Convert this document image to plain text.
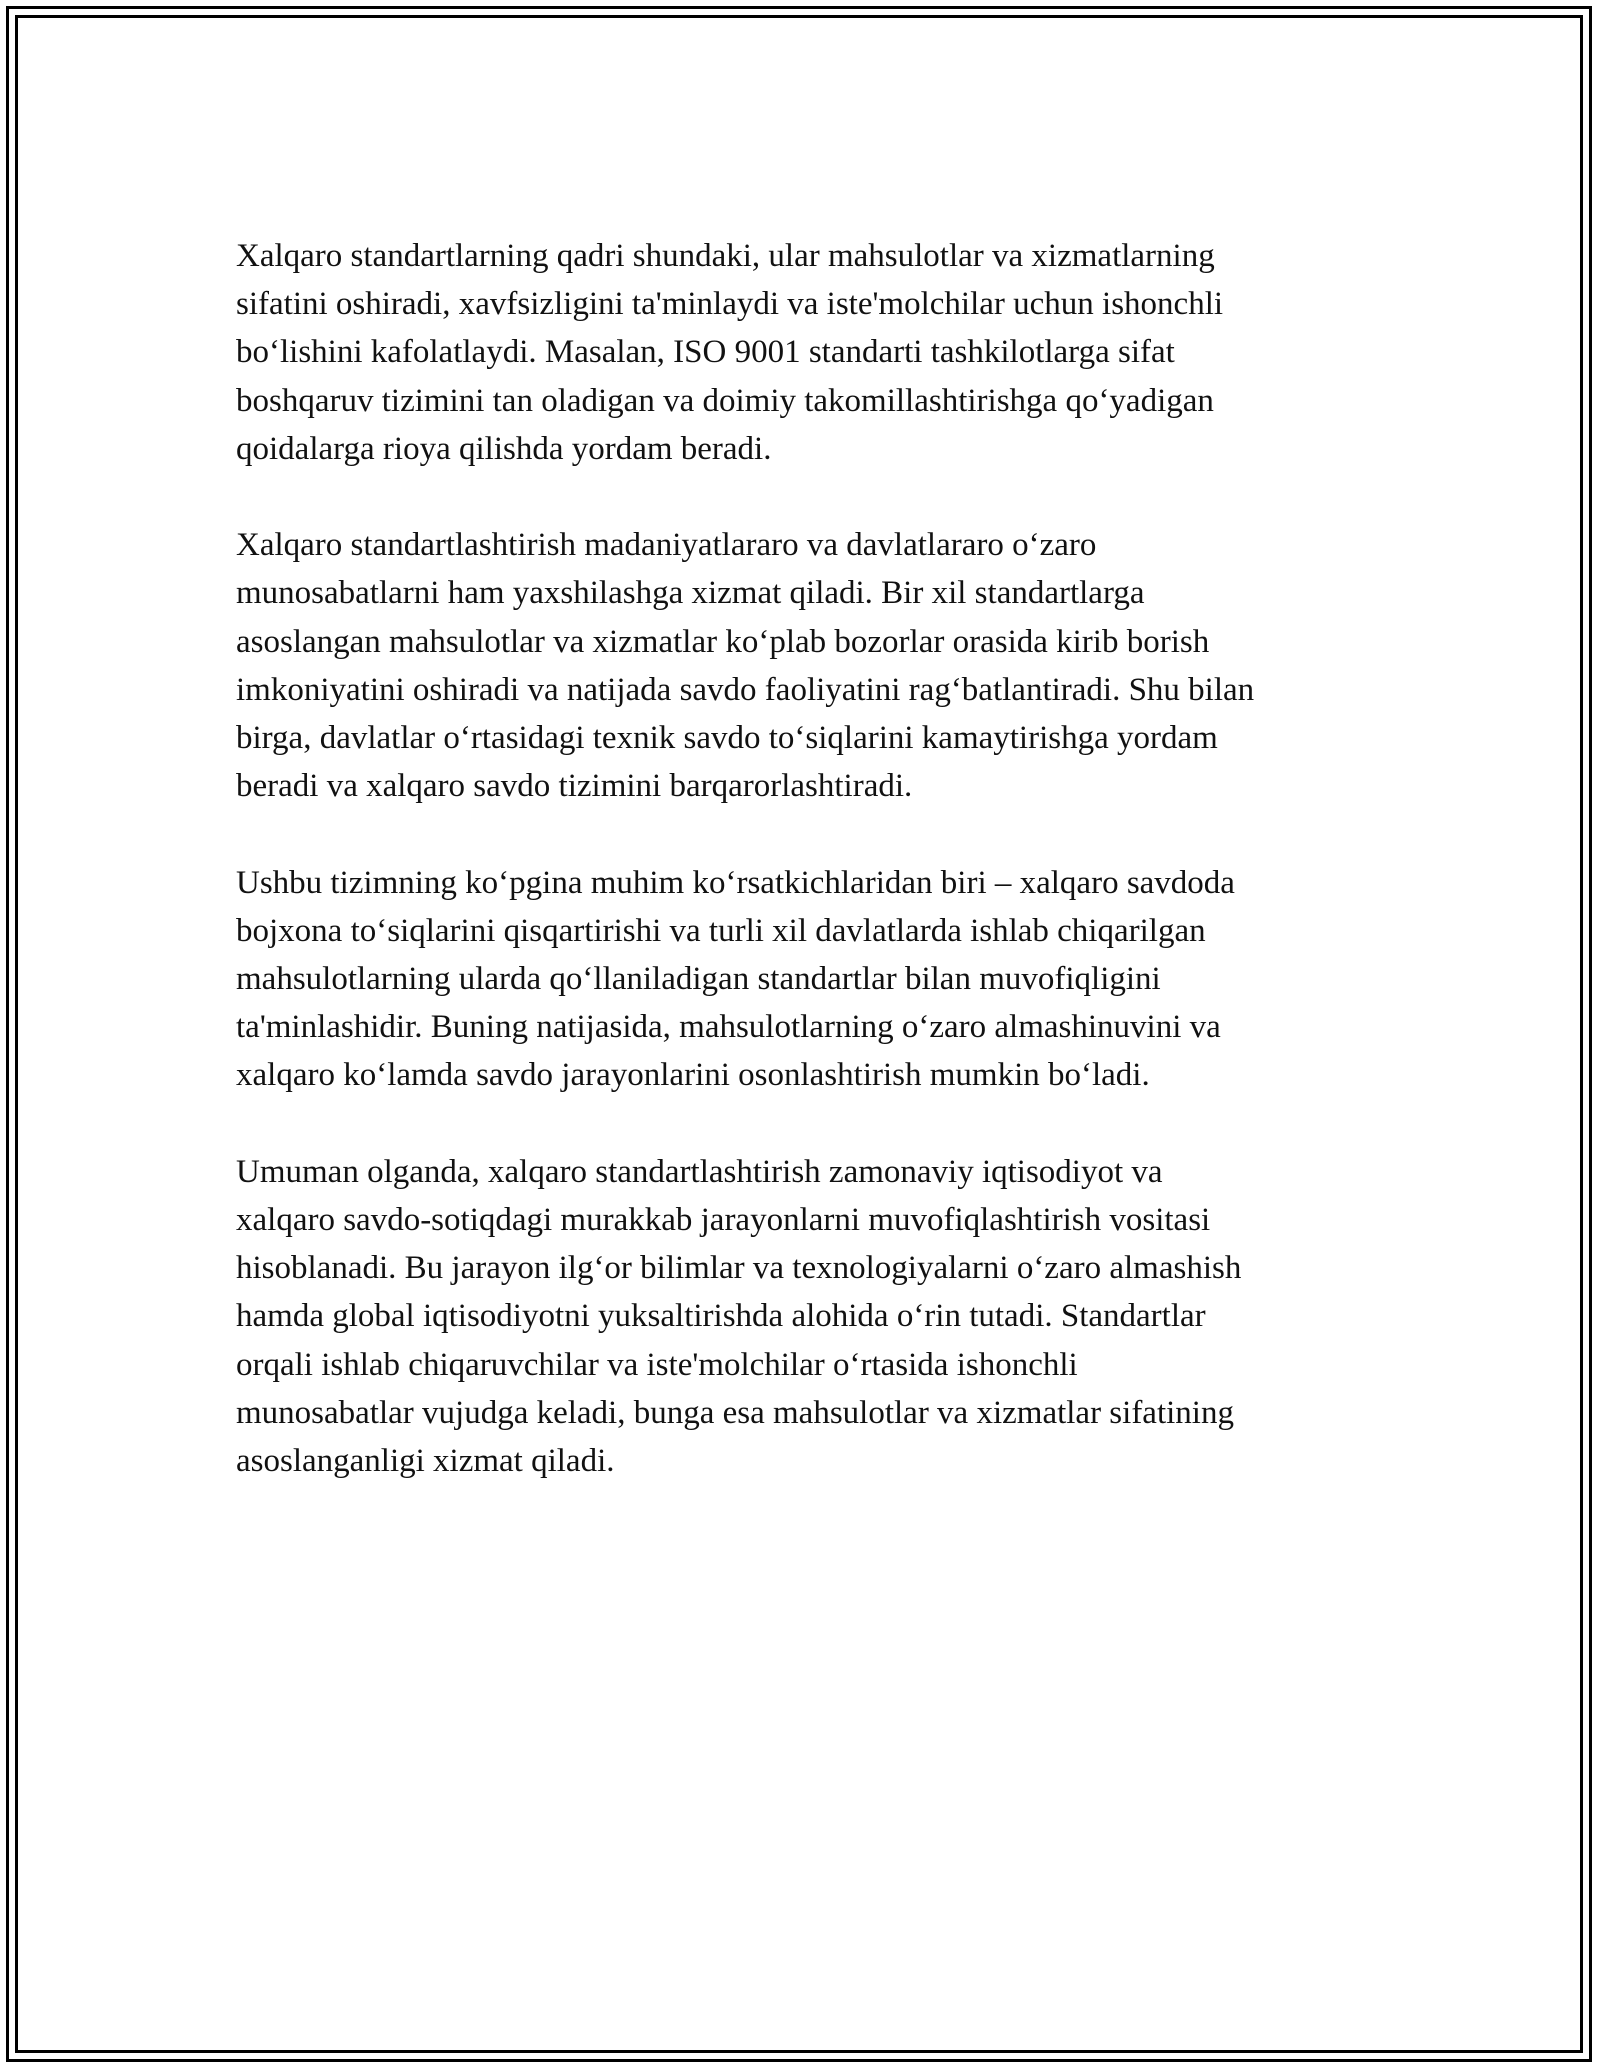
Xalqaro standartlarning qadri shundaki, ular mahsulotlar va xizmatlarning
sifatini oshiradi, xavfsizligini ta'minlaydi va iste'molchilar uchun ishonchli
bo‘lishini kafolatlaydi. Masalan, ISO 9001 standarti tashkilotlarga sifat
boshqaruv tizimini tan oladigan va doimiy takomillashtirishga qo‘yadigan
qoidalarga rioya qilishda yordam beradi.

Xalqaro standartlashtirish madaniyatlararo va davlatlararo o‘zaro
munosabatlarni ham yaxshilashga xizmat qiladi. Bir xil standartlarga
asoslangan mahsulotlar va xizmatlar ko‘plab bozorlar orasida kirib borish
imkoniyatini oshiradi va natijada savdo faoliyatini rag‘batlantiradi. Shu bilan
birga, davlatlar o‘rtasidagi texnik savdo to‘siqlarini kamaytirishga yordam
beradi va xalqaro savdo tizimini barqarorlashtiradi.

Ushbu tizimning ko‘pgina muhim ko‘rsatkichlaridan biri – xalqaro savdoda
bojxona to‘siqlarini qisqartirishi va turli xil davlatlarda ishlab chiqarilgan
mahsulotlarning ularda qo‘llaniladigan standartlar bilan muvofiqligini
ta'minlashidir. Buning natijasida, mahsulotlarning o‘zaro almashinuvini va
xalqaro ko‘lamda savdo jarayonlarini osonlashtirish mumkin bo‘ladi.

Umuman olganda, xalqaro standartlashtirish zamonaviy iqtisodiyot va
xalqaro savdo-sotiqdagi murakkab jarayonlarni muvofiqlashtirish vositasi
hisoblanadi. Bu jarayon ilg‘or bilimlar va texnologiyalarni o‘zaro almashish
hamda global iqtisodiyotni yuksaltirishda alohida o‘rin tutadi. Standartlar
orqali ishlab chiqaruvchilar va iste'molchilar o‘rtasida ishonchli
munosabatlar vujudga keladi, bunga esa mahsulotlar va xizmatlar sifatining
asoslanganligi xizmat qiladi.
